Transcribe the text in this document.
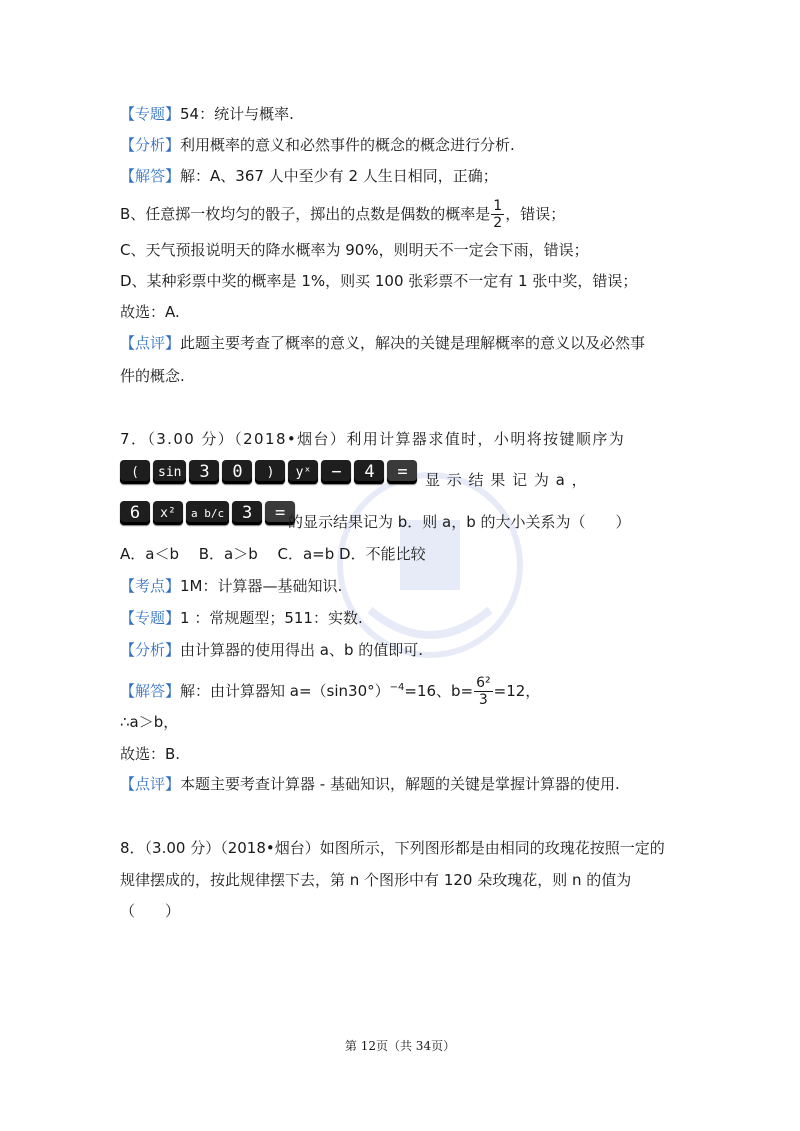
【专题】54：统计与概率.
【分析】利用概率的意义和必然事件的概念的概念进行分析.
【解答】解：A、367 人中至少有 2 人生日相同，正确；
B、任意掷一枚均匀的骰子，掷出的点数是偶数的概率是 $\frac{1}{2}$ ，错误；
C、天气预报说明天的降水概率为 90%，则明天不一定会下雨，错误；
D、某种彩票中奖的概率是 1%，则买 100 张彩票不一定有 1 张中奖，错误；
故选：A.
【点评】此题主要考查了概率的意义，解决的关键是理解概率的意义以及必然事
件的概念.
7．（3.00 分）（2018•烟台）利用计算器求值时，小明将按键顺序为
(	sin	3	0	)	yˣ	−	4	=	显 示 结 果 记 为 a ，
6	x²	a b/c	3	= 的显示结果记为 b．则 a，b 的大小关系为（　　）
A．a＜b　 B．a＞b　 C．a=b D．不能比较
【考点】1M：计算器—基础知识.
【专题】1 ：常规题型；511：实数.
【分析】由计算器的使用得出 a、b 的值即可.
【解答】解：由计算器知 $a=(\sin 30^\circ)^{-4}=16$、$b= \frac{\text{6²}}{3} =12$，
∴a＞b，
故选：B.
【点评】本题主要考查计算器 - 基础知识，解题的关键是掌握计算器的使用.
8．（3.00 分）（2018•烟台）如图所示，下列图形都是由相同的玫瑰花按照一定的
规律摆成的，按此规律摆下去，第 n 个图形中有 120 朵玫瑰花，则 n 的值为
（　　）
第 12页（共 34页）
